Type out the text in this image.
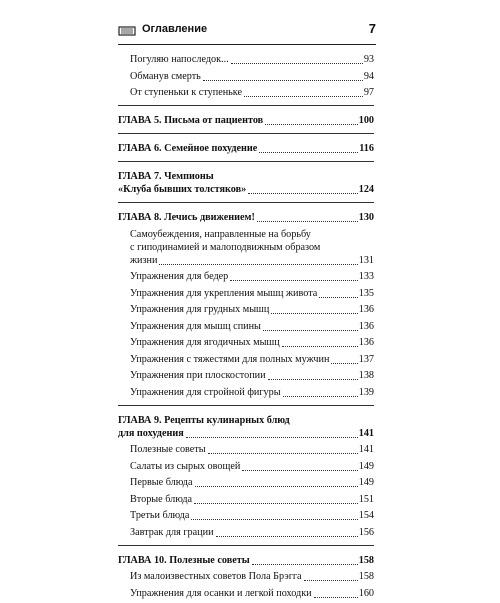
Оглавление	7
Погуляю напоследок...	93
Обманув смерть	94
От ступеньки к ступеньке	97
ГЛАВА 5. Письма от пациентов	100
ГЛАВА 6. Семейное похудение	116
ГЛАВА 7. Чемпионы
«Клуба бывших толстяков»	124
ГЛАВА 8. Лечись движением!	130
Самоубеждения, направленные на борьбу
с гиподинамией и малоподвижным образом
жизни	131
Упражнения для бедер	133
Упражнения для укрепления мышц живота	135
Упражнения для грудных мышц	136
Упражнения для мышц спины	136
Упражнения для ягодичных мышц	136
Упражнения с тяжестями для полных мужчин	137
Упражнения при плоскостопии	138
Упражнения для стройной фигуры	139
ГЛАВА 9. Рецепты кулинарных блюд
для похудения	141
Полезные советы	141
Салаты из сырых овощей	149
Первые блюда	149
Вторые блюда	151
Третьи блюда	154
Завтрак для грации	156
ГЛАВА 10. Полезные советы	158
Из малоизвестных советов Пола Брэгга	158
Упражнения для осанки и легкой походки	160
